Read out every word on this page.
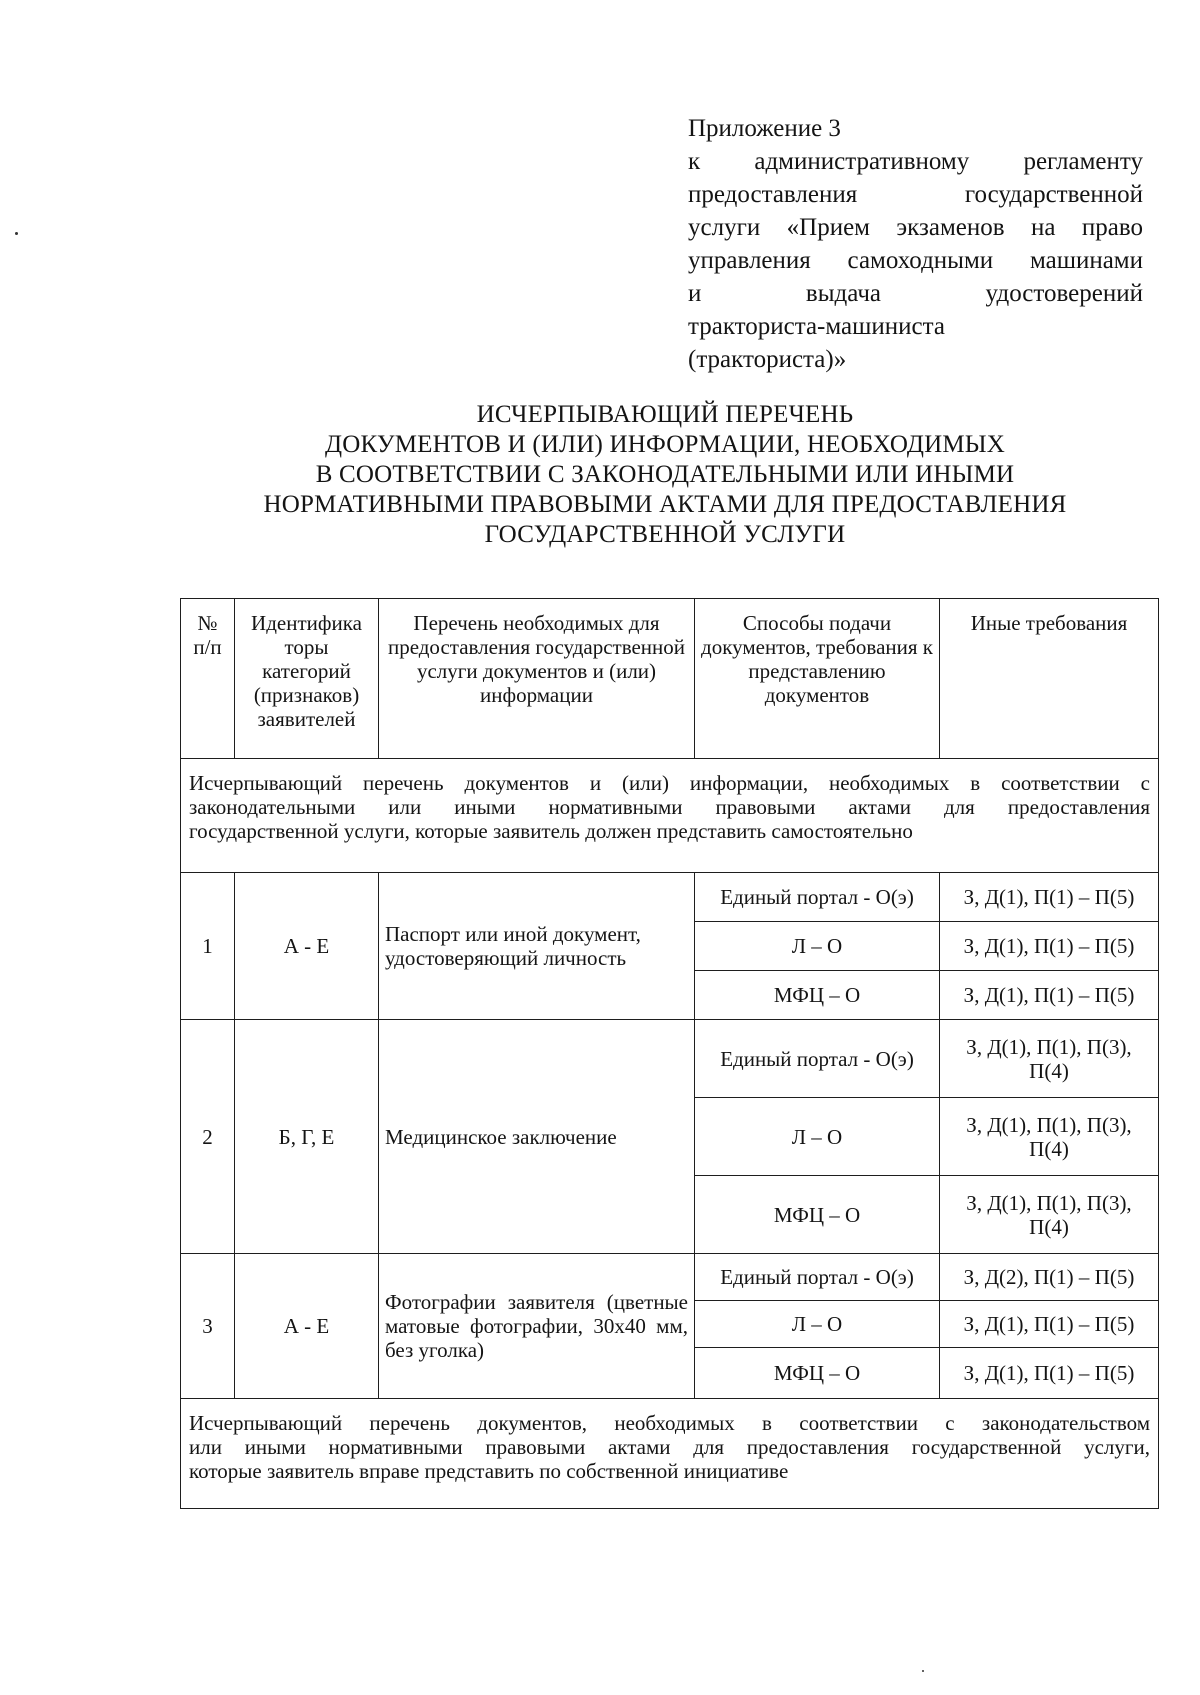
Приложение 3
к административному регламенту
предоставления государственной
услуги «Прием экзаменов на право
управления самоходными машинами
и выдача удостоверений
тракториста-машиниста
(тракториста)»
ИСЧЕРПЫВАЮЩИЙ ПЕРЕЧЕНЬ
ДОКУМЕНТОВ И (ИЛИ) ИНФОРМАЦИИ, НЕОБХОДИМЫХ
В СООТВЕТСТВИИ С ЗАКОНОДАТЕЛЬНЫМИ ИЛИ ИНЫМИ
НОРМАТИВНЫМИ ПРАВОВЫМИ АКТАМИ ДЛЯ ПРЕДОСТАВЛЕНИЯ
ГОСУДАРСТВЕННОЙ УСЛУГИ
№ п/п	Идентифика торы категорий (признаков) заявителей	Перечень необходимых для предоставления государственной услуги документов и (или) информации	Способы подачи документов, требования к представлению документов	Иные требования

Исчерпывающий перечень документов и (или) информации, необходимых в соответствии с
законодательными или иными нормативными правовыми актами для предоставления
государственной услуги, которые заявитель должен представить самостоятельно				

1	А - Е	Паспорт или иной документ, удостоверяющий личность	Единый портал - О(э)	З, Д(1), П(1) – П(5)
			Л – О	З, Д(1), П(1) – П(5)
			МФЦ – О	З, Д(1), П(1) – П(5)
2	Б, Г, Е	Медицинское заключение	Единый портал - О(э)	З, Д(1), П(1), П(3), П(4)
			Л – О	З, Д(1), П(1), П(3), П(4)
			МФЦ – О	З, Д(1), П(1), П(3), П(4)
3	А - Е	Фотографии заявителя (цветные матовые фотографии, 30x40 мм, без уголка)	Единый портал - О(э)	З, Д(2), П(1) – П(5)
			Л – О	З, Д(1), П(1) – П(5)
			МФЦ – О	З, Д(1), П(1) – П(5)

Исчерпывающий перечень документов, необходимых в соответствии с законодательством
или иными нормативными правовыми актами для предоставления государственной услуги,
которые заявитель вправе представить по собственной инициативе				
